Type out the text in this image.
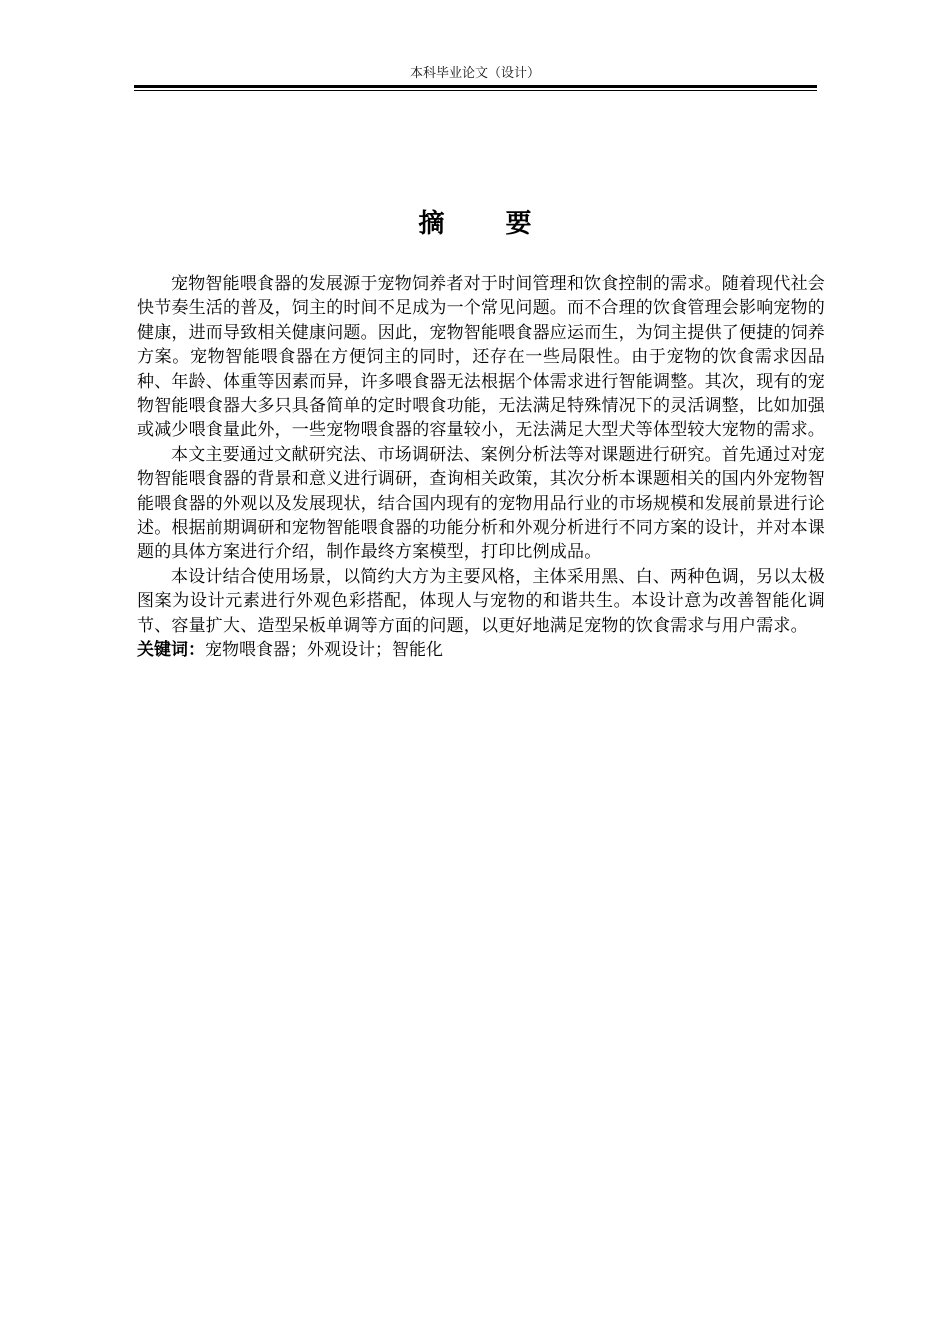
本科毕业论文（设计）
摘 要

宠物智能喂食器的发展源于宠物饲养者对于时间管理和饮食控制的需求。随着现代社会快节奏生活的普及，饲主的时间不足成为一个常见问题。而不合理的饮食管理会影响宠物的健康，进而导致相关健康问题。因此，宠物智能喂食器应运而生，为饲主提供了便捷的饲养方案。宠物智能喂食器在方便饲主的同时，还存在一些局限性。由于宠物的饮食需求因品种、年龄、体重等因素而异，许多喂食器无法根据个体需求进行智能调整。其次，现有的宠物智能喂食器大多只具备简单的定时喂食功能，无法满足特殊情况下的灵活调整，比如加强或减少喂食量此外，一些宠物喂食器的容量较小，无法满足大型犬等体型较大宠物的需求。

本文主要通过文献研究法、市场调研法、案例分析法等对课题进行研究。首先通过对宠物智能喂食器的背景和意义进行调研，查询相关政策，其次分析本课题相关的国内外宠物智能喂食器的外观以及发展现状，结合国内现有的宠物用品行业的市场规模和发展前景进行论述。根据前期调研和宠物智能喂食器的功能分析和外观分析进行不同方案的设计，并对本课题的具体方案进行介绍，制作最终方案模型，打印比例成品。

本设计结合使用场景，以简约大方为主要风格，主体采用黑、白、两种色调，另以太极图案为设计元素进行外观色彩搭配，体现人与宠物的和谐共生。本设计意为改善智能化调节、容量扩大、造型呆板单调等方面的问题，以更好地满足宠物的饮食需求与用户需求。

关键词：宠物喂食器；外观设计；智能化
